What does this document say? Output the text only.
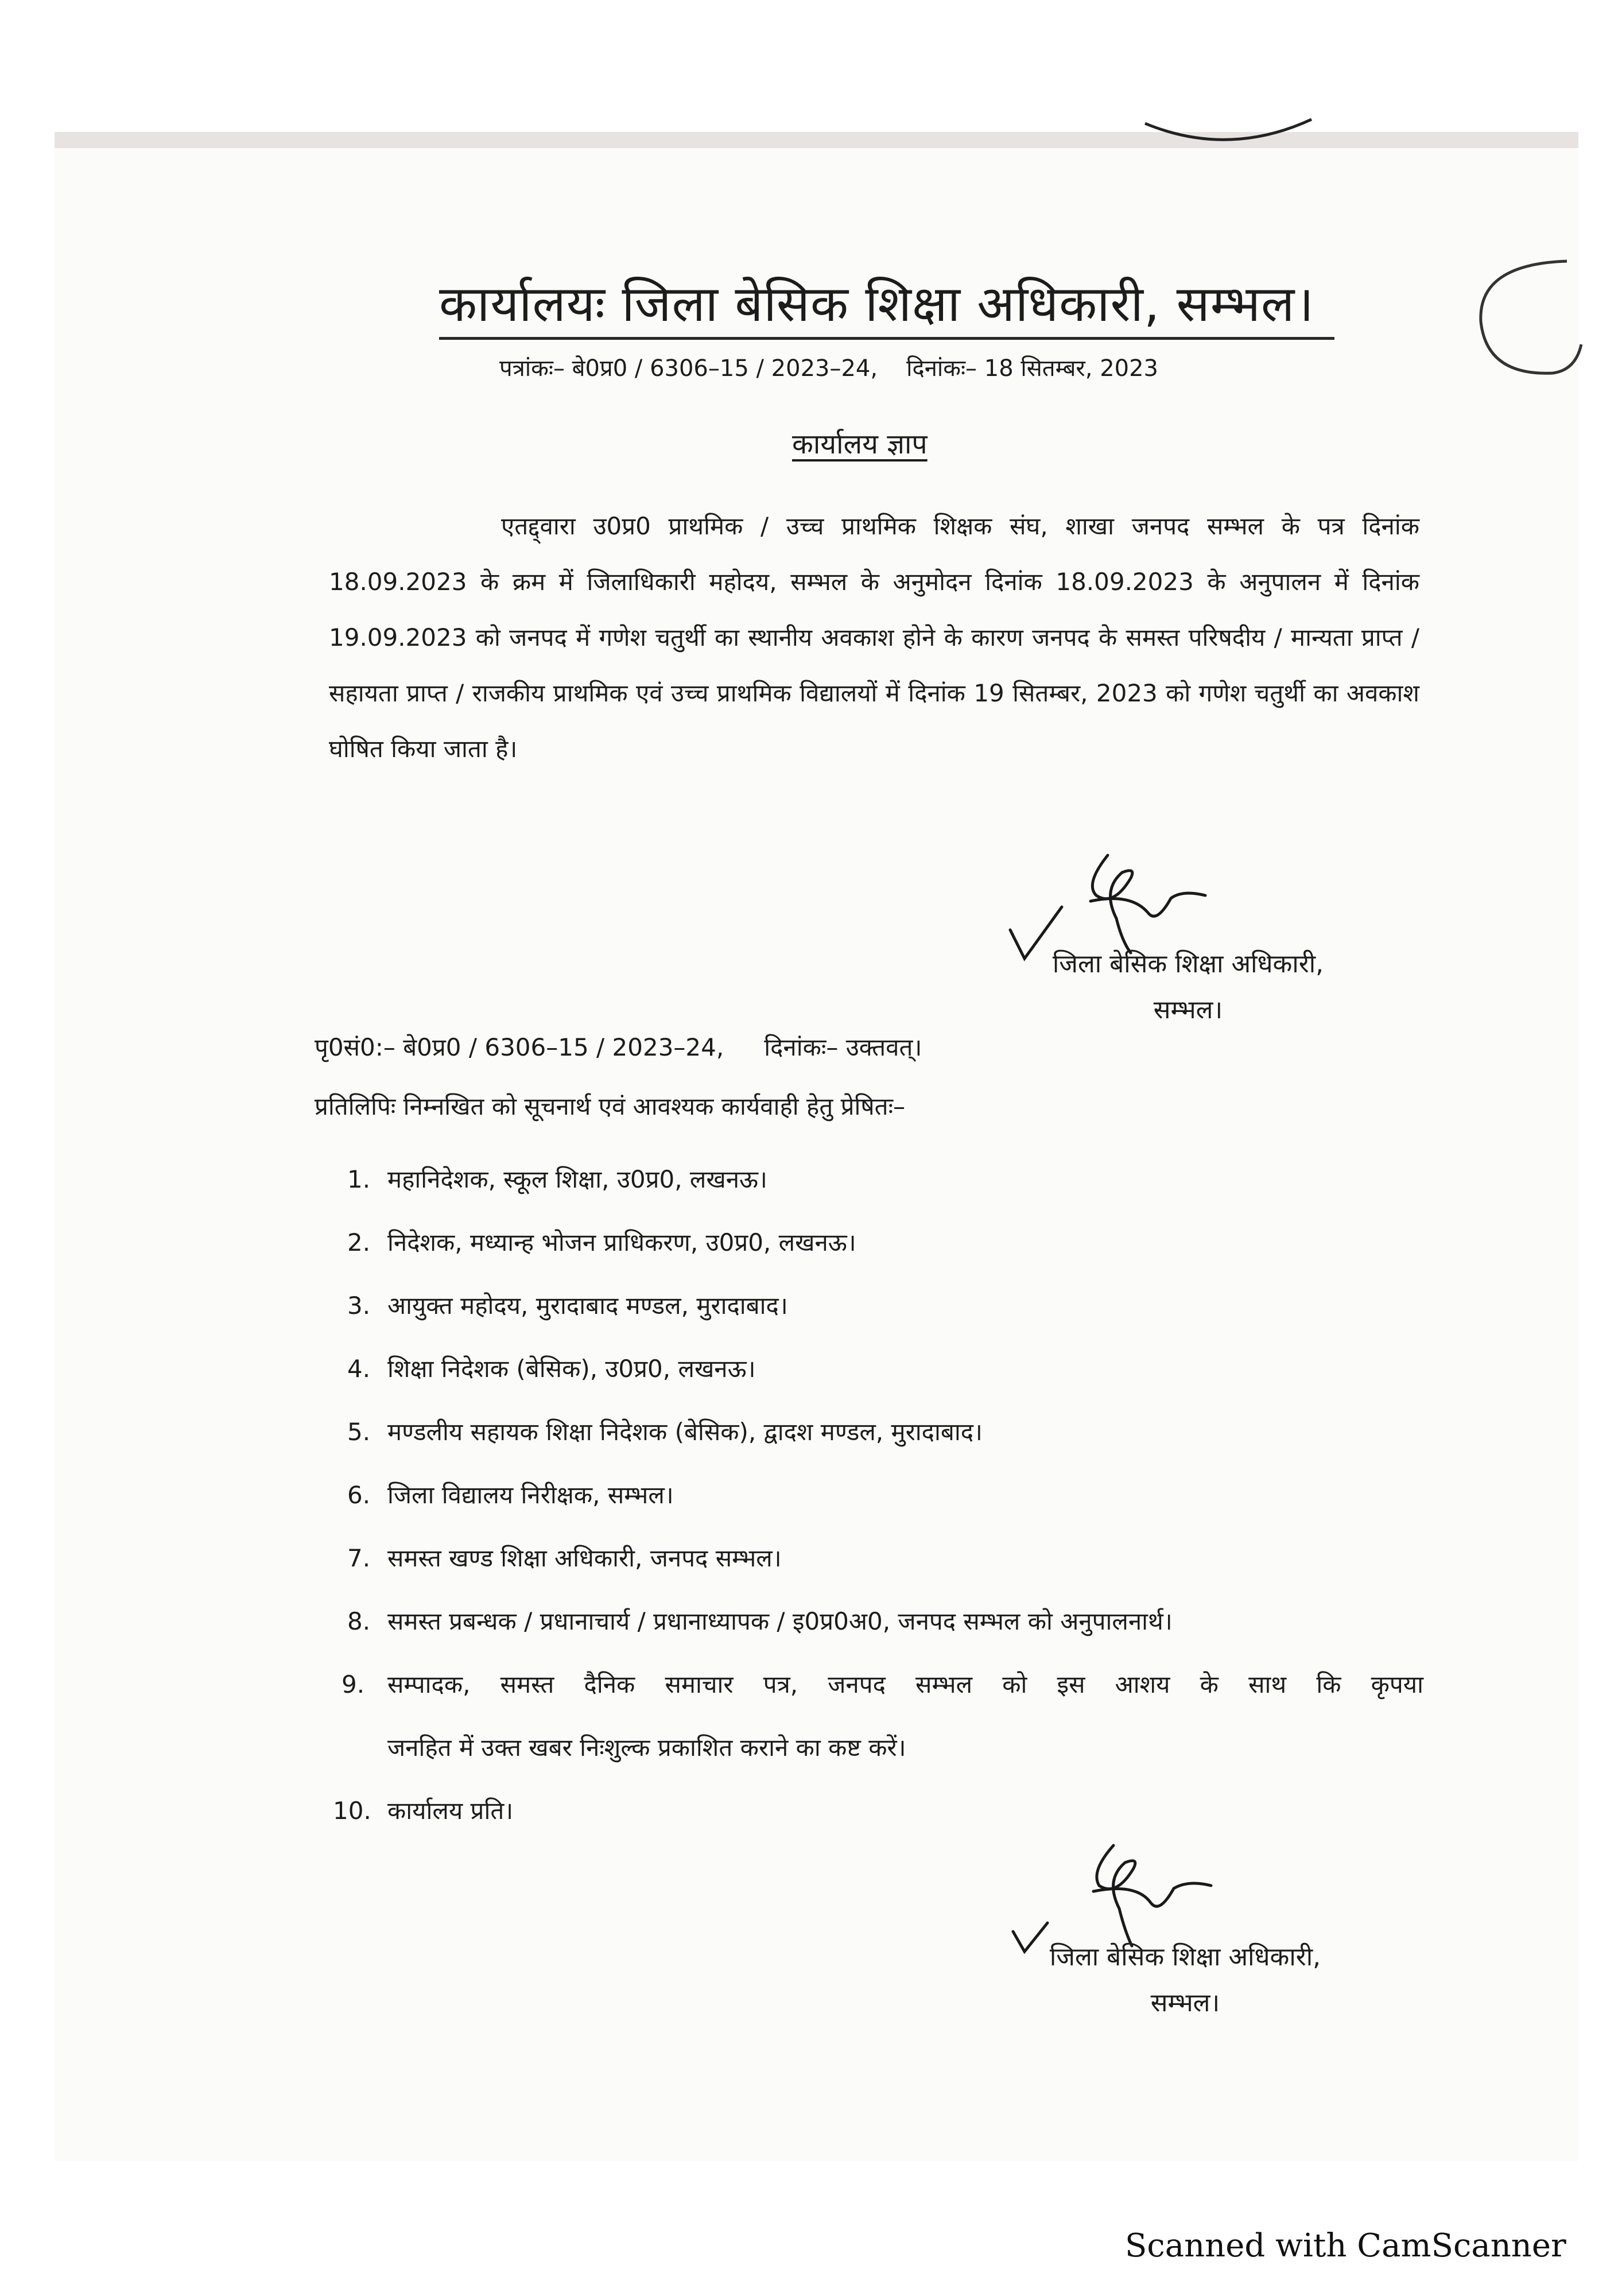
कार्यालयः जिला बेसिक शिक्षा अधिकारी, सम्भल।
पत्रांकः– बे0प्र0 / 6306–15 / 2023–24, दिनांकः– 18 सितम्बर, 2023
कार्यालय ज्ञाप

एतद्द्वारा उ0प्र0 प्राथमिक / उच्च प्राथमिक शिक्षक संघ, शाखा जनपद सम्भल के पत्र दिनांक 18.09.2023 के क्रम में जिलाधिकारी महोदय, सम्भल के अनुमोदन दिनांक 18.09.2023 के अनुपालन में दिनांक 19.09.2023 को जनपद में गणेश चतुर्थी का स्थानीय अवकाश होने के कारण जनपद के समस्त परिषदीय / मान्यता प्राप्त / सहायता प्राप्त / राजकीय प्राथमिक एवं उच्च प्राथमिक विद्यालयों में दिनांक 19 सितम्बर, 2023 को गणेश चतुर्थी का अवकाश घोषित किया जाता है।

जिला बेसिक शिक्षा अधिकारी,
सम्भल।
पृ0सं0:– बे0प्र0 / 6306–15 / 2023–24, दिनांकः– उक्तवत्।
प्रतिलिपिः निम्नखित को सूचनार्थ एवं आवश्यक कार्यवाही हेतु प्रेषितः–
1. महानिदेशक, स्कूल शिक्षा, उ0प्र0, लखनऊ।
2. निदेशक, मध्यान्ह भोजन प्राधिकरण, उ0प्र0, लखनऊ।
3. आयुक्त महोदय, मुरादाबाद मण्डल, मुरादाबाद।
4. शिक्षा निदेशक (बेसिक), उ0प्र0, लखनऊ।
5. मण्डलीय सहायक शिक्षा निदेशक (बेसिक), द्वादश मण्डल, मुरादाबाद।
6. जिला विद्यालय निरीक्षक, सम्भल।
7. समस्त खण्ड शिक्षा अधिकारी, जनपद सम्भल।
8. समस्त प्रबन्धक / प्रधानाचार्य / प्रधानाध्यापक / इ0प्र0अ0, जनपद सम्भल को अनुपालनार्थ।
9. सम्पादक, समस्त दैनिक समाचार पत्र, जनपद सम्भल को इस आशय के साथ कि कृपया
जनहित में उक्त खबर निःशुल्क प्रकाशित कराने का कष्ट करें।
10. कार्यालय प्रति।
जिला बेसिक शिक्षा अधिकारी,
सम्भल।
Scanned with CamScanner
